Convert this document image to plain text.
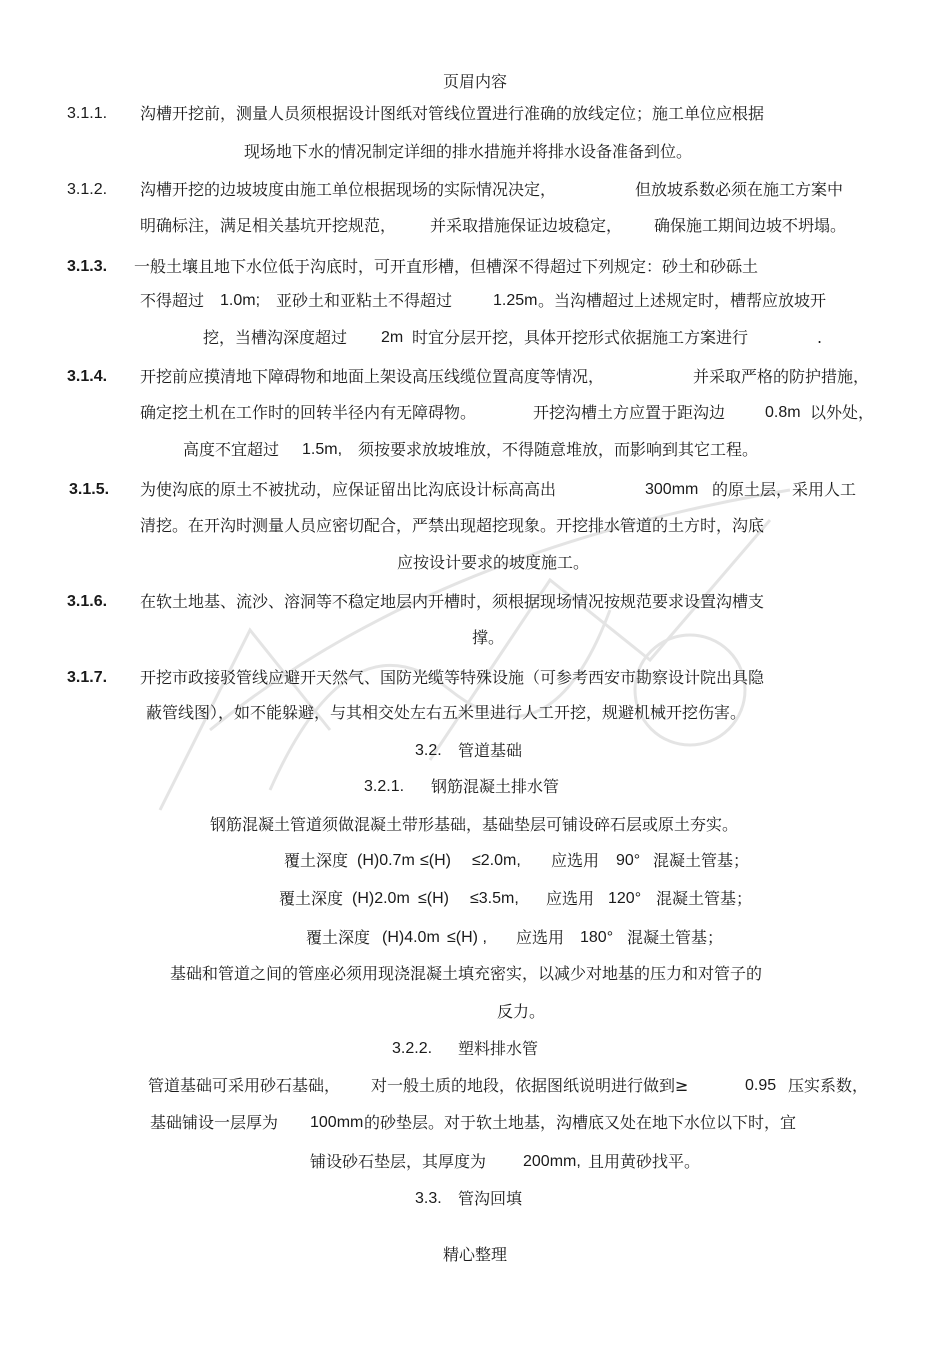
页眉内容
3.1.1. 沟槽开挖前，测量人员须根据设计图纸对管线位置进行准确的放线定位；施工单位应根据
现场地下水的情况制定详细的排水措施并将排水设备准备到位。
3.1.2. 沟槽开挖的边坡坡度由施工单位根据现场的实际情况决定，	但放坡系数必须在施工方案中
明确标注，满足相关基坑开挖规范， 并采取措施保证边坡稳定， 确保施工期间边坡不坍塌。
3.1.3. 一般土壤且地下水位低于沟底时，可开直形槽，但槽深不得超过下列规定：砂土和砂砾土
不得超过 1.0m; 亚砂土和亚粘土不得超过	1.25m 。当沟槽超过上述规定时，槽帮应放坡开
挖，当槽沟深度超过 2m 时宜分层开挖，具体开挖形式依据施工方案进行	.
3.1.4. 开挖前应摸清地下障碍物和地面上架设高压线缆位置高度等情况，	并采取严格的防护措施，
确定挖土机在工作时的回转半径内有无障碍物。	开挖沟槽土方应置于距沟边 0.8m 以外处，
高度不宜超过 1.5m, 须按要求放坡堆放，不得随意堆放，而影响到其它工程。
3.1.5. 为使沟底的原土不被扰动，应保证留出比沟底设计标高高出	300mm 的原土层，采用人工
清挖。在开沟时测量人员应密切配合，严禁出现超挖现象。开挖排水管道的土方时，沟底
应按设计要求的坡度施工。
3.1.6. 在软土地基、流沙、溶洞等不稳定地层内开槽时，须根据现场情况按规范要求设置沟槽支
撑。
3.1.7. 开挖市政接驳管线应避开天然气、国防光缆等特殊设施（可参考西安市勘察设计院出具隐
蔽管线图），如不能躲避，与其相交处左右五米里进行人工开挖，规避机械开挖伤害。
3.2. 管道基础
3.2.1. 钢筋混凝土排水管
钢筋混凝土管道须做混凝土带形基础，基础垫层可铺设碎石层或原土夯实。
覆土深度 (H)0.7m ≤(H) ≤2.0m, 应选用 90° 混凝土管基；
覆土深度 (H)2.0m ≤(H) ≤3.5m, 应选用 120° 混凝土管基；
覆土深度 (H)4.0m ≤(H) , 应选用 180° 混凝土管基；
基础和管道之间的管座必须用现浇混凝土填充密实，以减少对地基的压力和对管子的
反力。
3.2.2. 塑料排水管
管道基础可采用砂石基础， 对一般土质的地段，依据图纸说明进行做到≥	0.95 压实系数，
基础铺设一层厚为 100mm 的砂垫层。对于软土地基，沟槽底又处在地下水位以下时，宜
铺设砂石垫层，其厚度为 200mm, 且用黄砂找平。
3.3. 管沟回填
精心整理
